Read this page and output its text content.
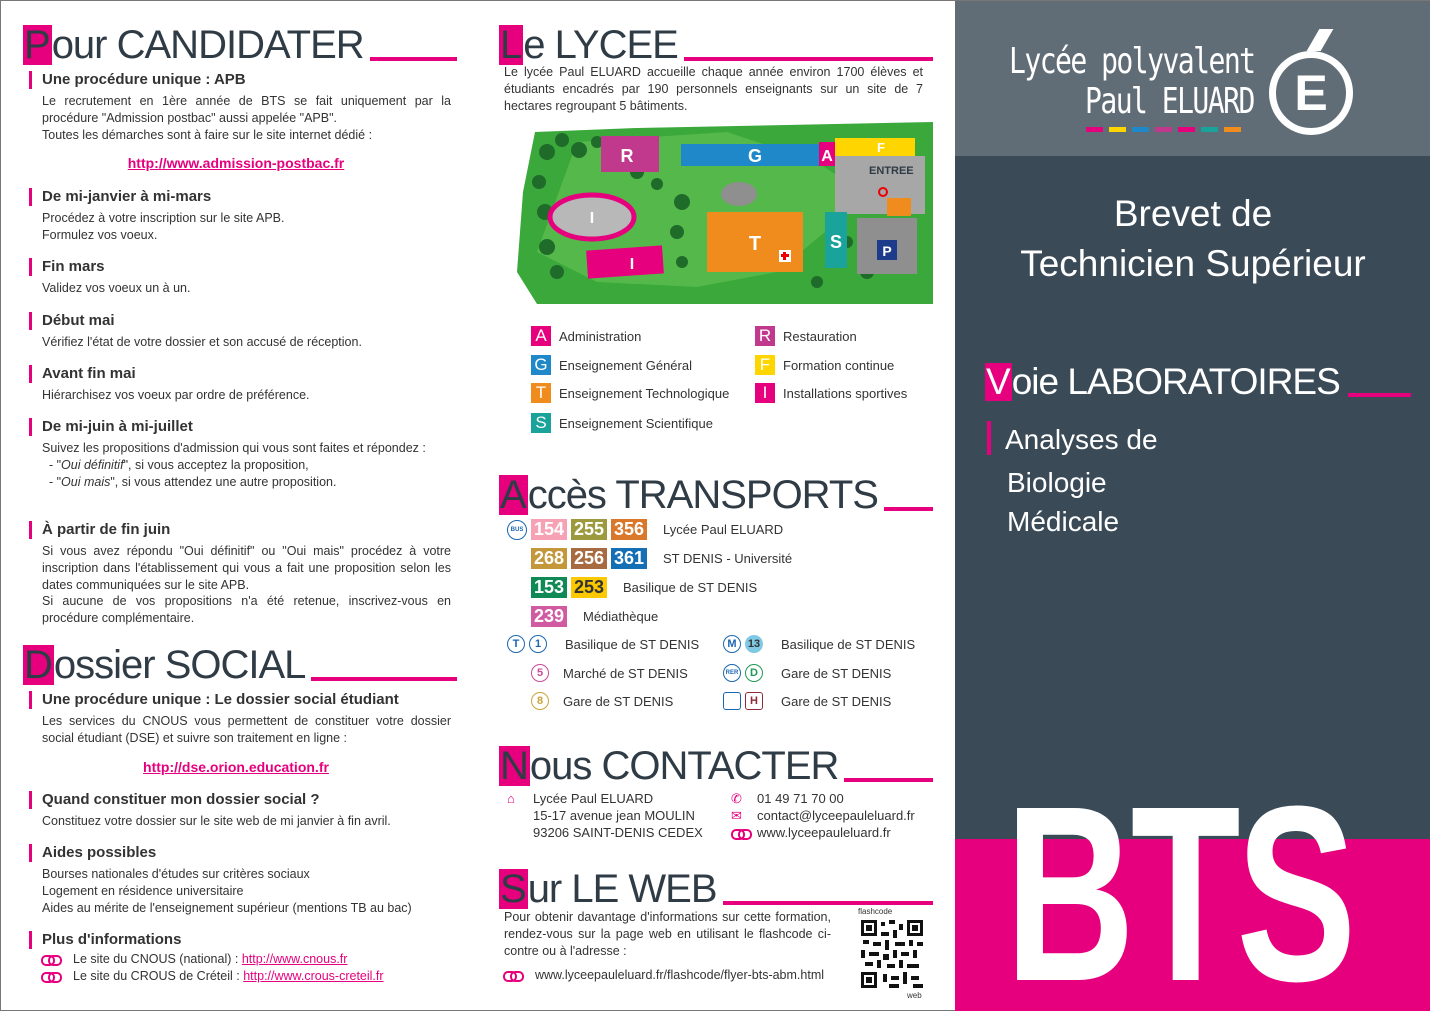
P our CANDIDATER
Une procédure unique : APB
Le recrutement en 1ère année de BTS se fait uniquement par la procédure "Admission postbac" aussi appelée "APB".
Toutes les démarches sont à faire sur le site internet dédié :
http://www.admission-postbac.fr
De mi-janvier à mi-mars
Procédez à votre inscription sur le site APB.
Formulez vos voeux.
Fin mars
Validez vos voeux un à un.
Début mai
Vérifiez l'état de votre dossier et son accusé de réception.
Avant fin mai
Hiérarchisez vos voeux par ordre de préférence.
De mi-juin à mi-juillet
Suivez les propositions d'admission qui vous sont faites et répondez :
- "Oui définitif", si vous acceptez la proposition,
- "Oui mais", si vous attendez une autre proposition.
À partir de fin juin
Si vous avez répondu "Oui définitif" ou "Oui mais" procédez à votre inscription dans l'établissement qui vous a fait une proposition selon les dates communiquées sur le site APB.
Si aucune de vos propositions n'a été retenue, inscrivez-vous en procédure complémentaire.
D ossier SOCIAL
Une procédure unique : Le dossier social étudiant
Les services du CNOUS vous permettent de constituer votre dossier social étudiant (DSE) et suivre son traitement en ligne :
http://dse.orion.education.fr
Quand constituer mon dossier social ?
Constituez votre dossier sur le site web de mi janvier à fin avril.
Aides possibles
Bourses nationales d'études sur critères sociaux
Logement en résidence universitaire
Aides au mérite de l'enseignement supérieur (mentions TB au bac)
Plus d'informations
Le site du CNOUS (national) : http://www.cnous.fr
Le site du CROUS de Créteil : http://www.crous-creteil.fr
L e LYCEE
Le lycée Paul ELUARD accueille chaque année environ 1700 élèves et étudiants encadrés par 190 personnels enseignants sur un site de 7 hectares regroupant 5 bâtiments.
I
I
R	G	A
F
ENTREE
T	S	P
A Administration	R Restauration
G Enseignement Général	F Formation continue
T Enseignement Technologique	I	Installations sportives
S Enseignement Scientifique
A ccès TRANSPORTS
BUS 154 255 356 Lycée Paul ELUARD
268 256 361 ST DENIS - Université
153 253 Basilique de ST DENIS
239 Médiathèque
T	1	Basilique de ST DENIS	M	13 Basilique de ST DENIS
5	Marché de ST DENIS	RER	D	Gare de ST DENIS
8	Gare de ST DENIS	H	Gare de ST DENIS
N ous CONTACTER
⌂	Lycée Paul ELUARD
15-17 avenue jean MOULIN
93206 SAINT-DENIS CEDEX
✆ 01 49 71 70 00
✉ contact@lyceepauleluard.fr
www.lyceepauleluard.fr
S ur LE WEB
Pour obtenir davantage d'informations sur cette formation, rendez-vous sur la page web en utilisant le flashcode ci-contre ou à l'adresse :
www.lyceepauleluard.fr/flashcode/flyer-bts-abm.html
flashcode
web
Lycée polyvalent
Paul ELUARD E
Brevet de
Technicien Supérieur
V oie LABORATOIRES
Analyses de
Biologie
Médicale
BTS
